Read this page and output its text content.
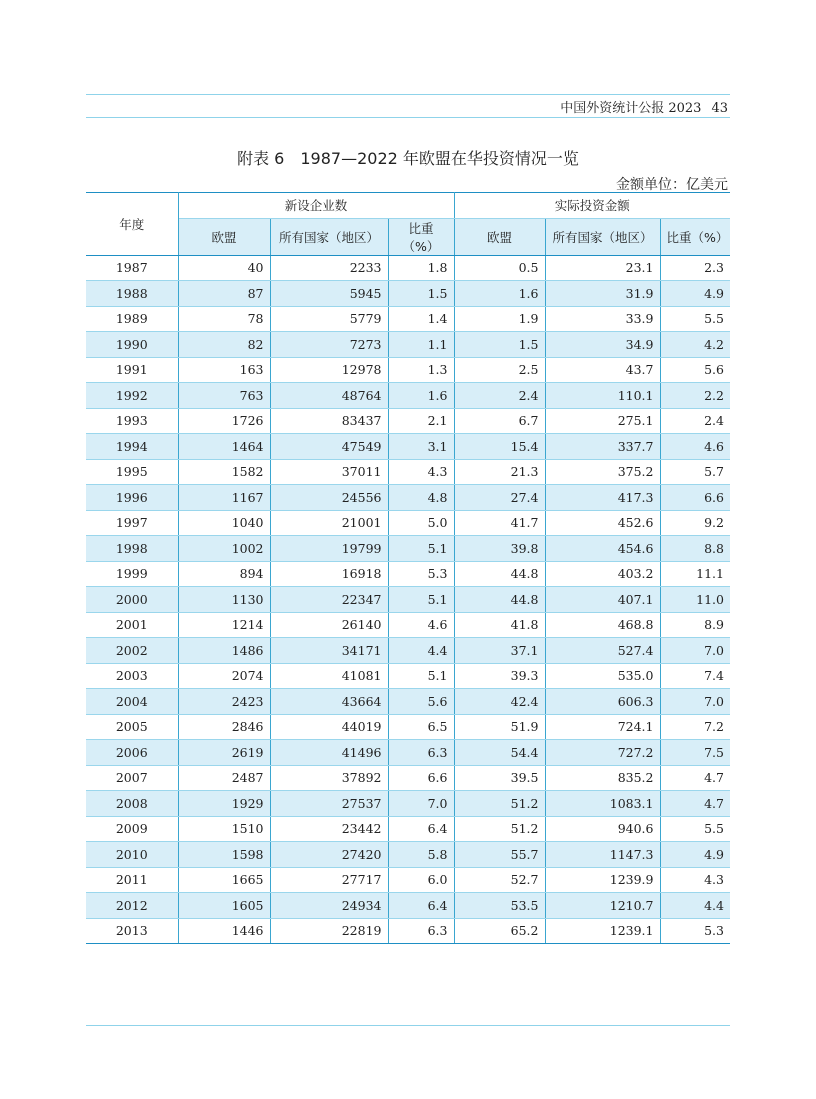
中国外资统计公报 2023 43
附表 6　1987—2022 年欧盟在华投资情况一览
金额单位：亿美元
年度	新设企业数			实际投资金额		
	欧盟	所有国家（地区）	比重（%）	欧盟	所有国家（地区）	比重（%）
1987	40	2233	1.8	0.5	23.1	2.3
1988	87	5945	1.5	1.6	31.9	4.9
1989	78	5779	1.4	1.9	33.9	5.5
1990	82	7273	1.1	1.5	34.9	4.2
1991	163	12978	1.3	2.5	43.7	5.6
1992	763	48764	1.6	2.4	110.1	2.2
1993	1726	83437	2.1	6.7	275.1	2.4
1994	1464	47549	3.1	15.4	337.7	4.6
1995	1582	37011	4.3	21.3	375.2	5.7
1996	1167	24556	4.8	27.4	417.3	6.6
1997	1040	21001	5.0	41.7	452.6	9.2
1998	1002	19799	5.1	39.8	454.6	8.8
1999	894	16918	5.3	44.8	403.2	11.1
2000	1130	22347	5.1	44.8	407.1	11.0
2001	1214	26140	4.6	41.8	468.8	8.9
2002	1486	34171	4.4	37.1	527.4	7.0
2003	2074	41081	5.1	39.3	535.0	7.4
2004	2423	43664	5.6	42.4	606.3	7.0
2005	2846	44019	6.5	51.9	724.1	7.2
2006	2619	41496	6.3	54.4	727.2	7.5
2007	2487	37892	6.6	39.5	835.2	4.7
2008	1929	27537	7.0	51.2	1083.1	4.7
2009	1510	23442	6.4	51.2	940.6	5.5
2010	1598	27420	5.8	55.7	1147.3	4.9
2011	1665	27717	6.0	52.7	1239.9	4.3
2012	1605	24934	6.4	53.5	1210.7	4.4
2013	1446	22819	6.3	65.2	1239.1	5.3
